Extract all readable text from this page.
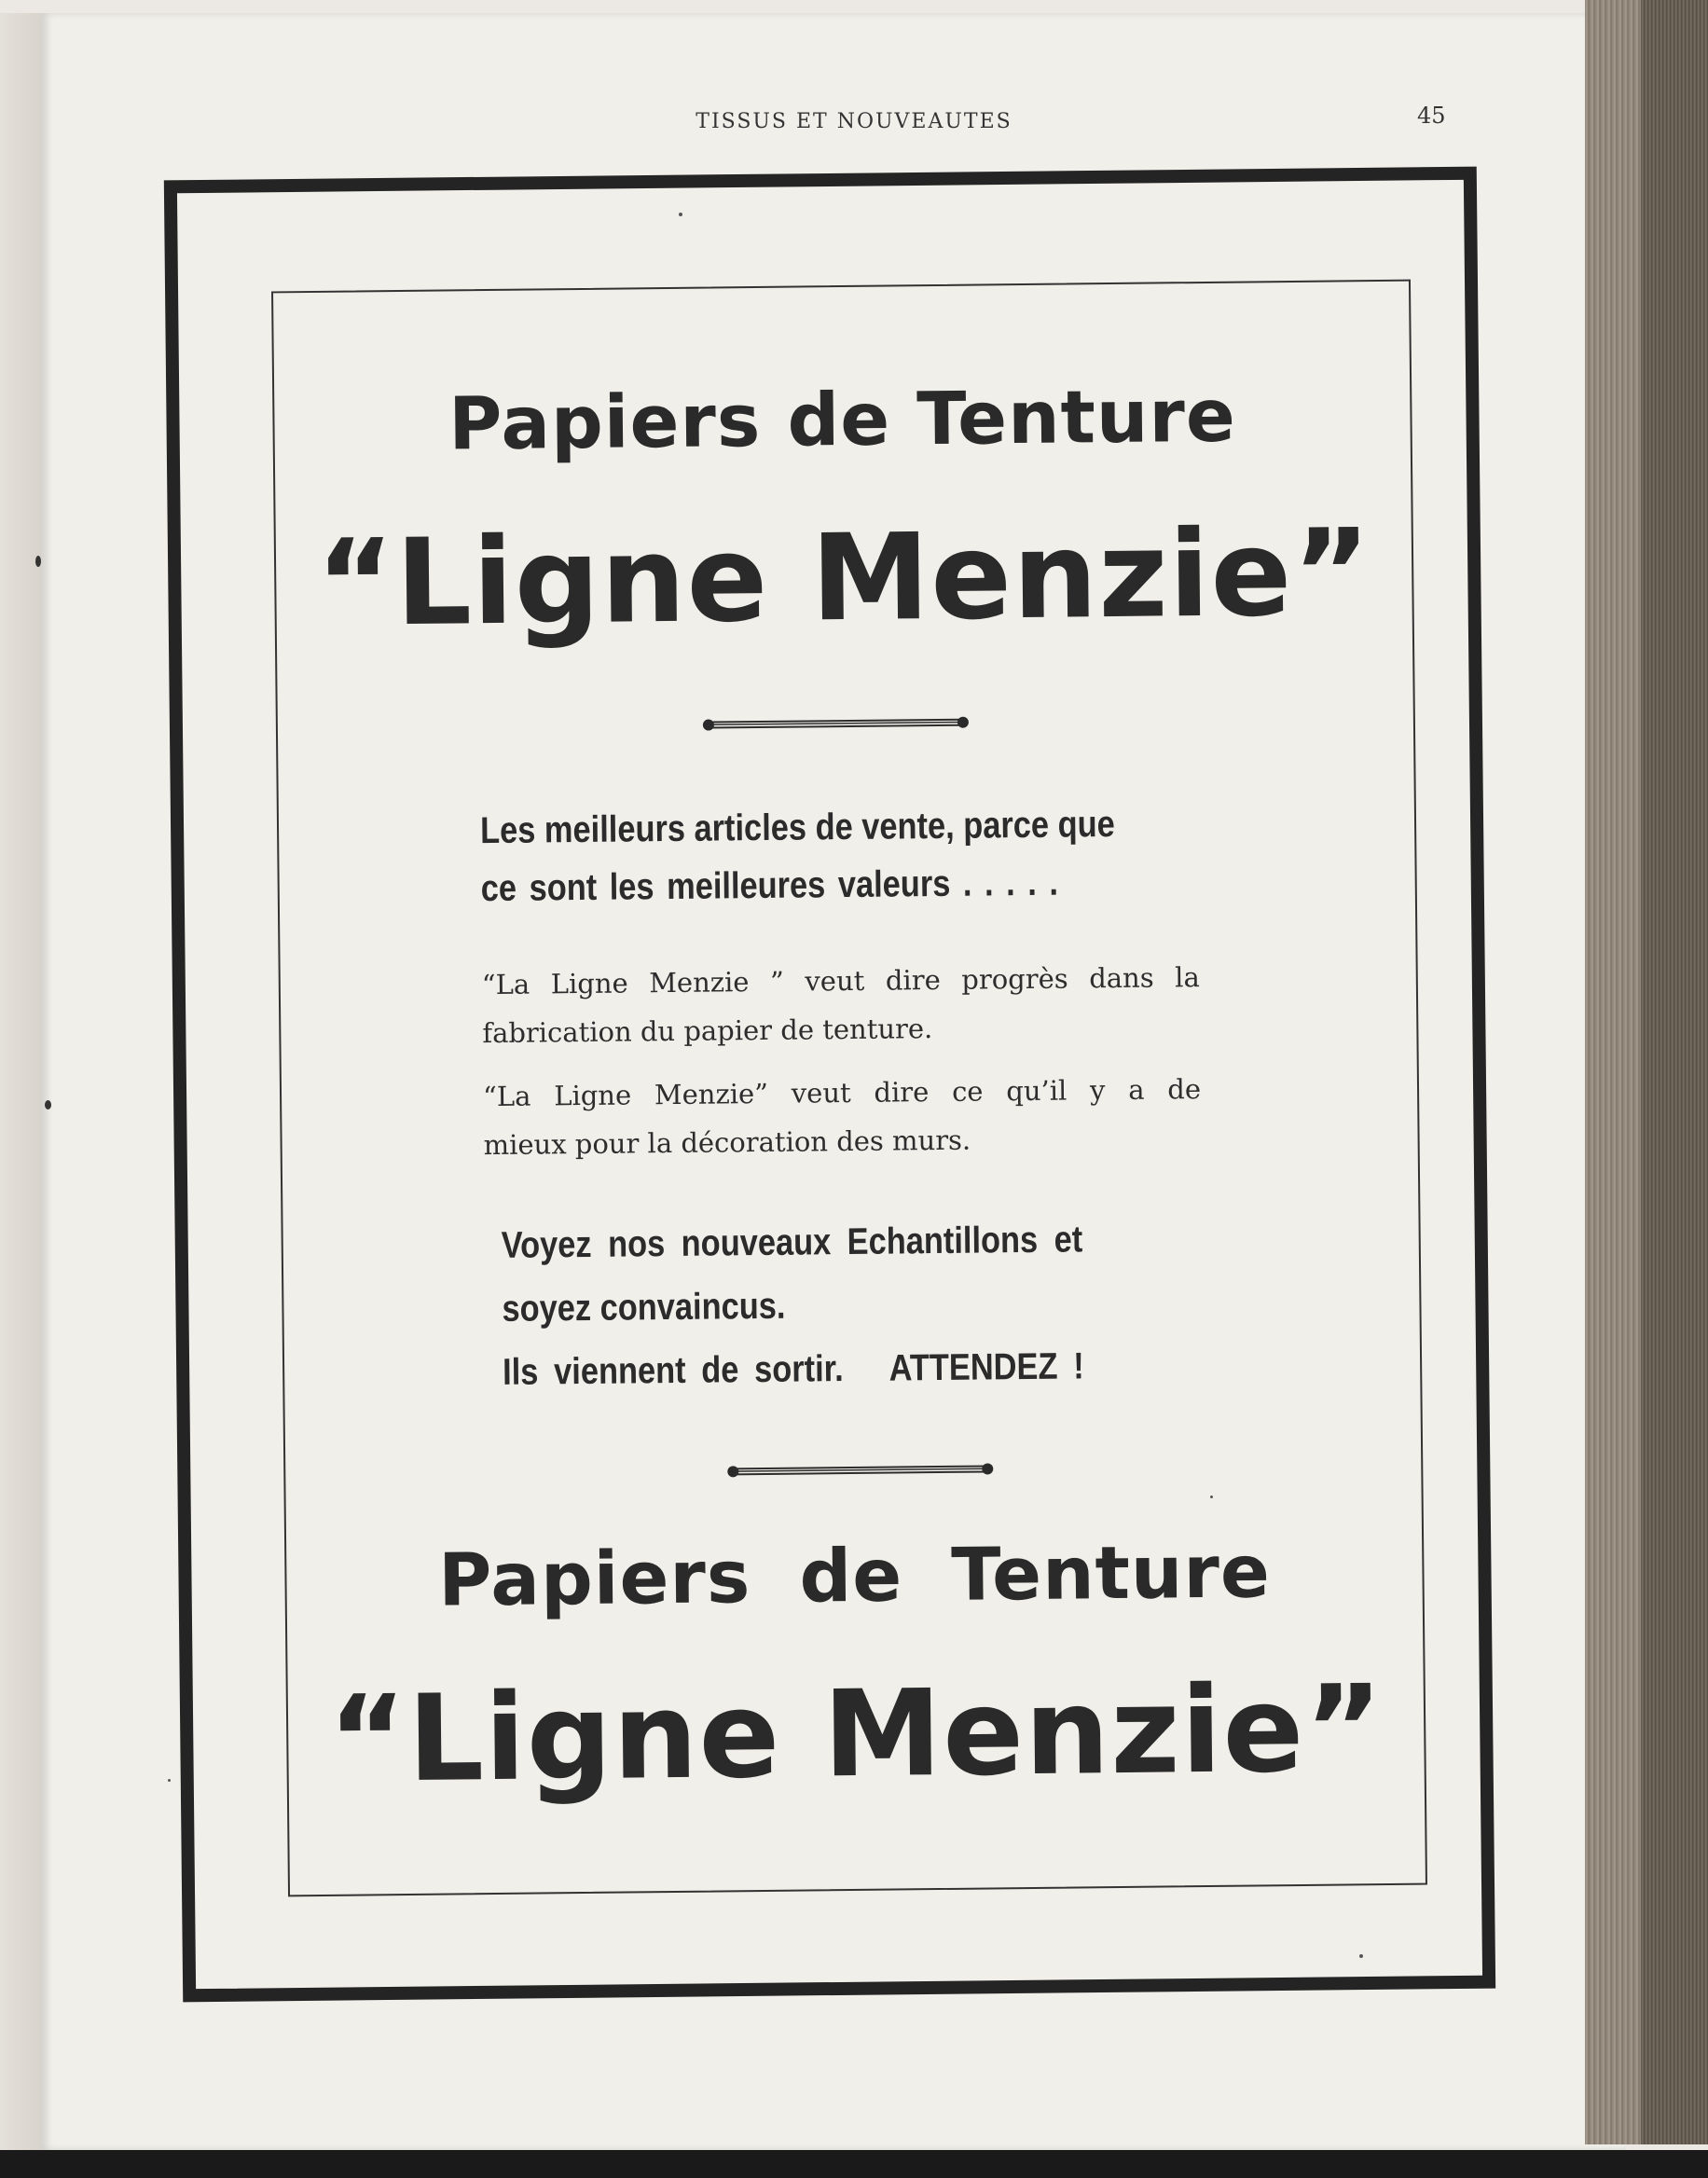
TISSUS ET NOUVEAUTES	45
Papiers de Tenture
“Ligne Menzie”
Les meilleurs articles de vente, parce que
ce sont les meilleures valeurs . . . . .
“La Ligne Menzie ” veut dire progrès dans la
fabrication du papier de tenture.
“La Ligne Menzie” veut dire ce qu’il y a de
mieux pour la décoration des murs.
Voyez nos nouveaux Echantillons et
soyez convaincus.
Ils viennent de sortir.   ATTENDEZ !
Papiers de Tenture
“Ligne Menzie”
